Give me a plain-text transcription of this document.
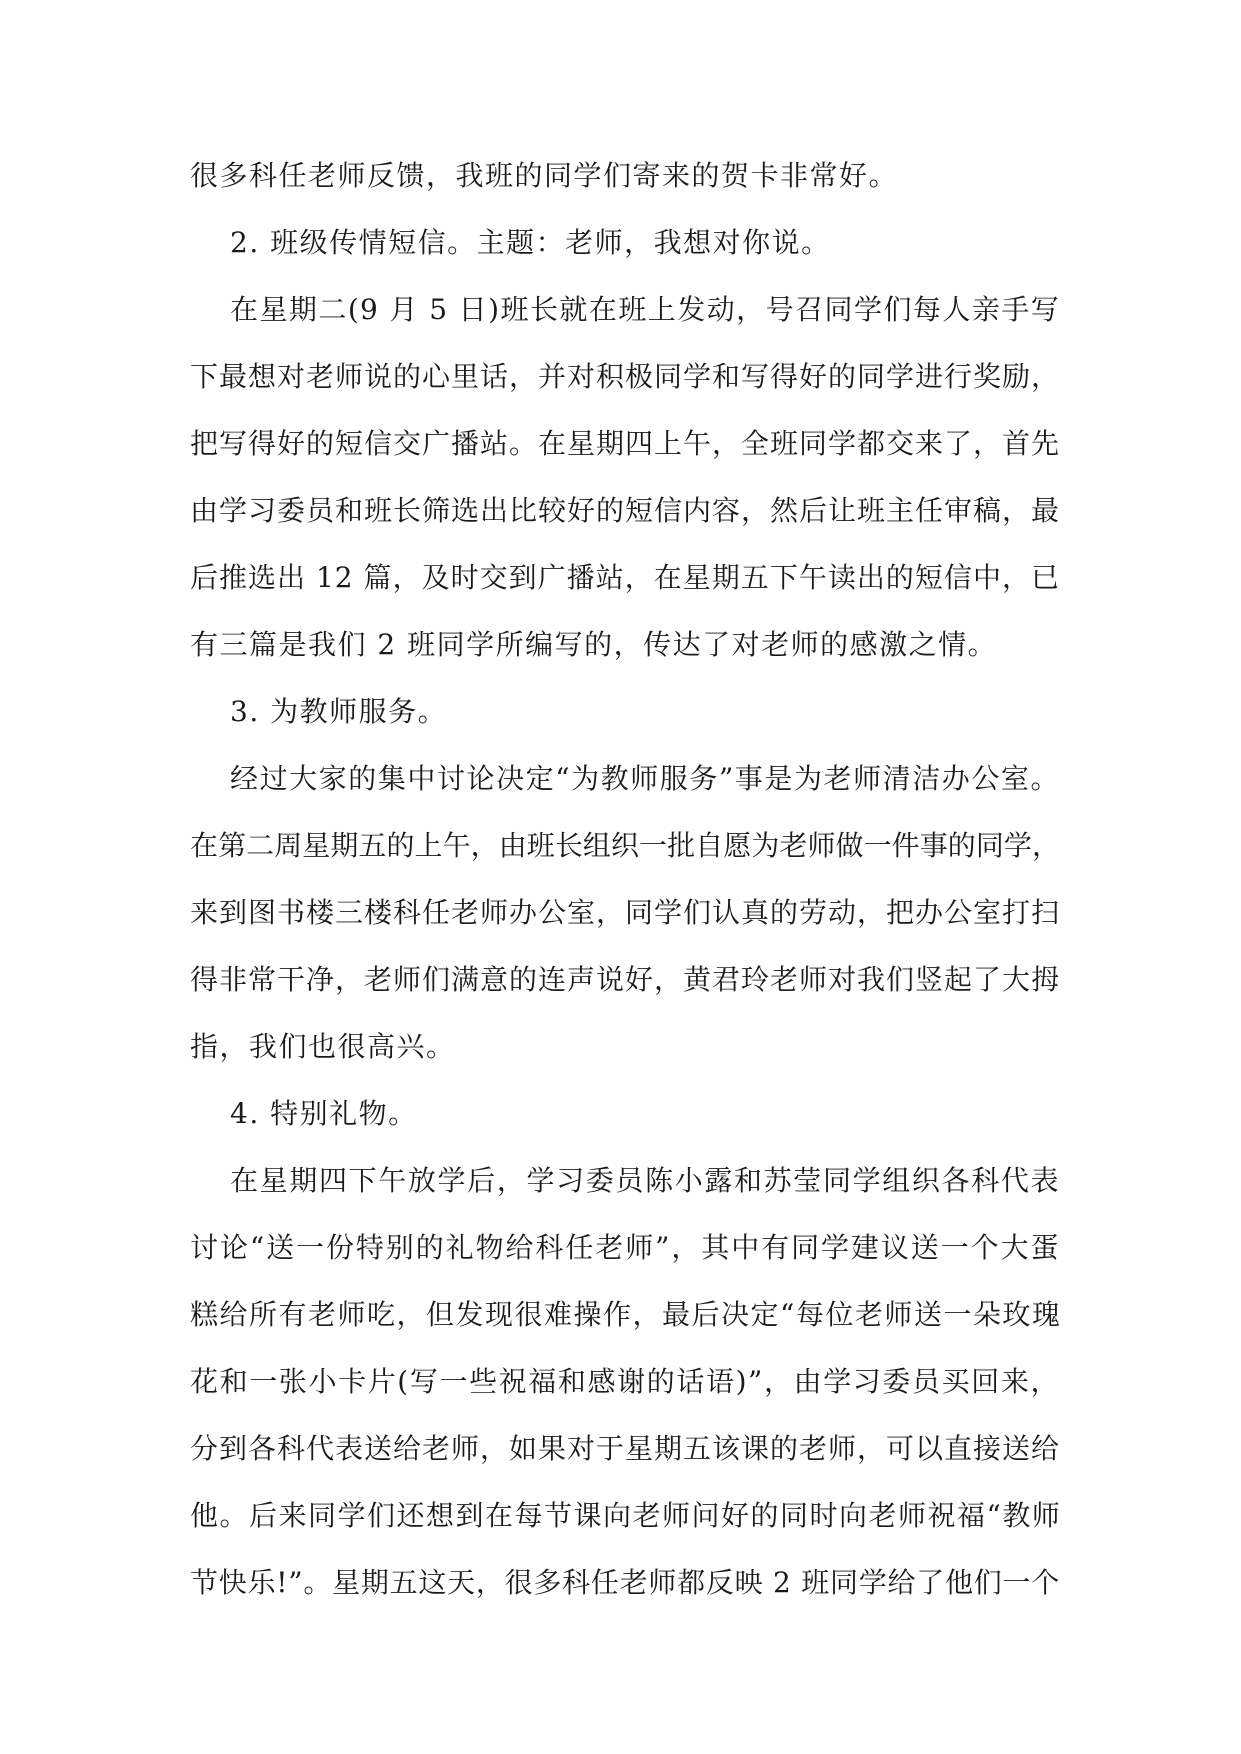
很多科任老师反馈，我班的同学们寄来的贺卡非常好。
2. 班级传情短信。主题：老师，我想对你说。
在星期二(9 月 5 日)班长就在班上发动，号召同学们每人亲手写
下最想对老师说的心里话，并对积极同学和写得好的同学进行奖励，
把写得好的短信交广播站。在星期四上午，全班同学都交来了，首先
由学习委员和班长筛选出比较好的短信内容，然后让班主任审稿，最
后推选出 12 篇，及时交到广播站，在星期五下午读出的短信中，已
有三篇是我们 2 班同学所编写的，传达了对老师的感激之情。
3. 为教师服务。
经过大家的集中讨论决定“为教师服务”事是为老师清洁办公室。
在第二周星期五的上午，由班长组织一批自愿为老师做一件事的同学，
来到图书楼三楼科任老师办公室，同学们认真的劳动，把办公室打扫
得非常干净，老师们满意的连声说好，黄君玲老师对我们竖起了大拇
指，我们也很高兴。
4. 特别礼物。
在星期四下午放学后，学习委员陈小露和苏莹同学组织各科代表
讨论“送一份特别的礼物给科任老师”，其中有同学建议送一个大蛋
糕给所有老师吃，但发现很难操作，最后决定“每位老师送一朵玫瑰
花和一张小卡片(写一些祝福和感谢的话语)”，由学习委员买回来，
分到各科代表送给老师，如果对于星期五该课的老师，可以直接送给
他。后来同学们还想到在每节课向老师问好的同时向老师祝福“教师
节快乐!”。星期五这天，很多科任老师都反映 2 班同学给了他们一个
